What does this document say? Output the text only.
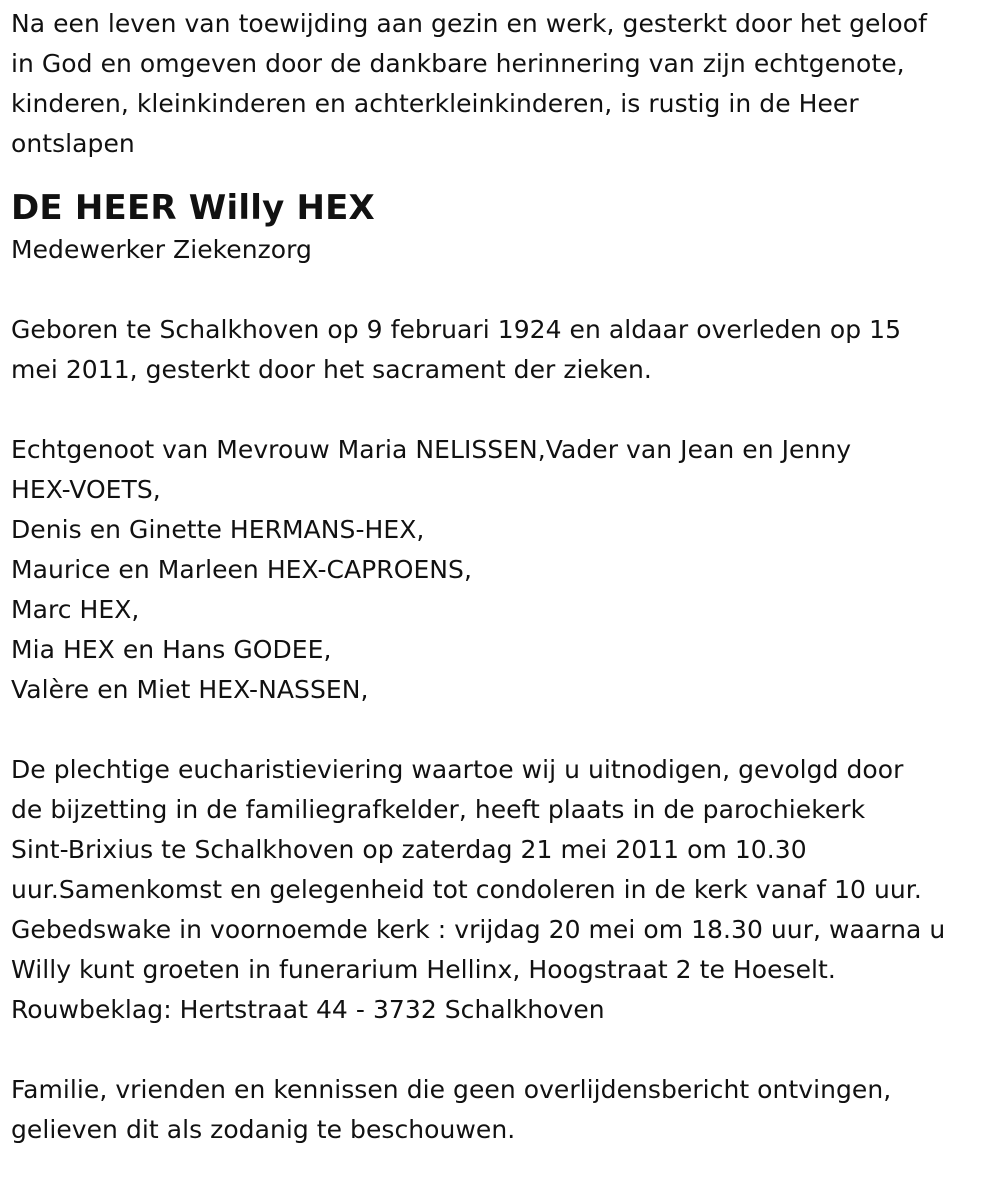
Na een leven van toewijding aan gezin en werk, gesterkt door het geloof
in God en omgeven door de dankbare herinnering van zijn echtgenote,
kinderen, kleinkinderen en achterkleinkinderen, is rustig in de Heer
ontslapen
DE HEER Willy HEX
Medewerker Ziekenzorg
Geboren te Schalkhoven op 9 februari 1924 en aldaar overleden op 15
mei 2011, gesterkt door het sacrament der zieken.
Echtgenoot van Mevrouw Maria NELISSEN,Vader van Jean en Jenny
HEX-VOETS,
Denis en Ginette HERMANS-HEX,
Maurice en Marleen HEX-CAPROENS,
Marc HEX,
Mia HEX en Hans GODEE,
Valère en Miet HEX-NASSEN,
De plechtige eucharistieviering waartoe wij u uitnodigen, gevolgd door
de bijzetting in de familiegrafkelder, heeft plaats in de parochiekerk
Sint-Brixius te Schalkhoven op zaterdag 21 mei 2011 om 10.30
uur.Samenkomst en gelegenheid tot condoleren in de kerk vanaf 10 uur.
Gebedswake in voornoemde kerk : vrijdag 20 mei om 18.30 uur, waarna u
Willy kunt groeten in funerarium Hellinx, Hoogstraat 2 te Hoeselt.
Rouwbeklag: Hertstraat 44 - 3732 Schalkhoven
Familie, vrienden en kennissen die geen overlijdensbericht ontvingen,
gelieven dit als zodanig te beschouwen.
